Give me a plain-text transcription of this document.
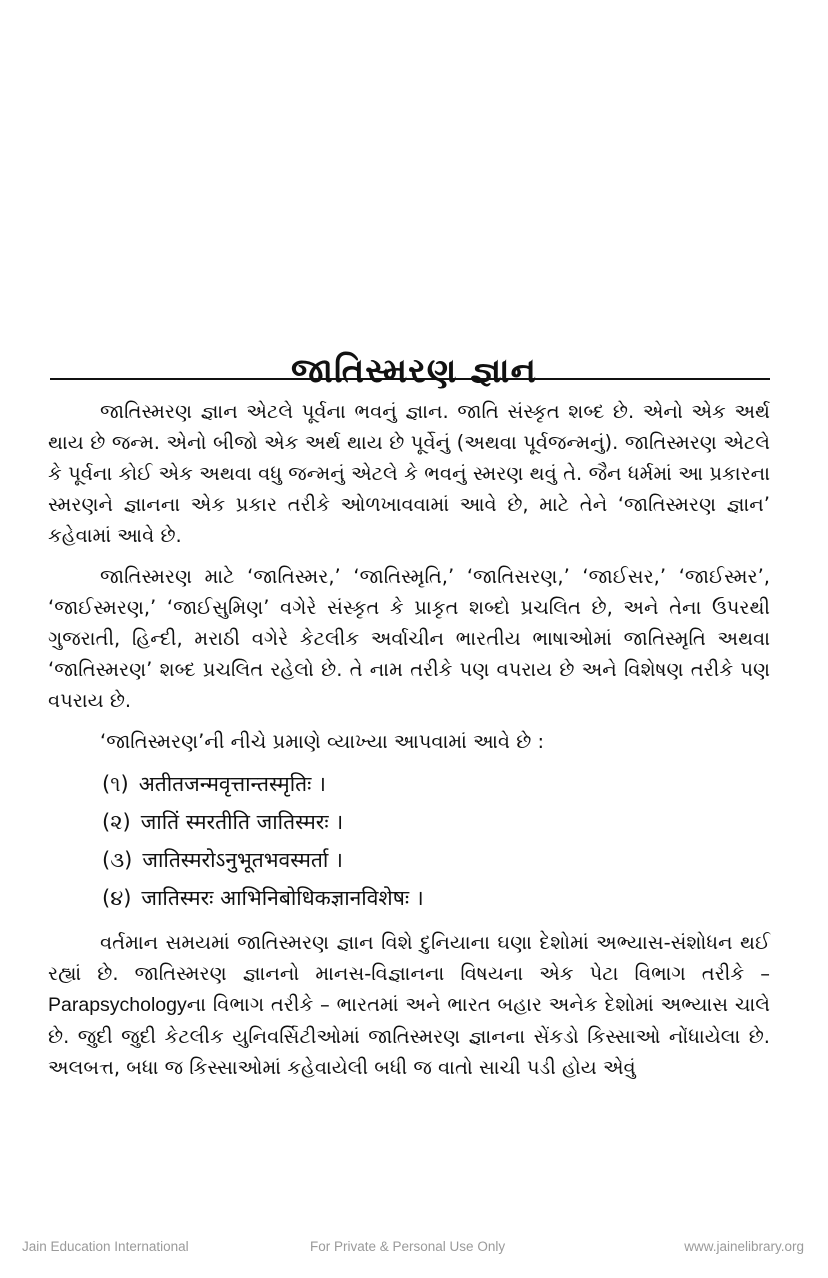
જાતિસ્મરણ જ્ઞાન

જાતિસ્મરણ જ્ઞાન એટલે પૂર્વના ભવનું જ્ઞાન. જાતિ સંસ્કૃત શબ્દ છે. એનો એક અર્થ થાય છે જન્મ. એનો બીજો એક અર્થ થાય છે પૂર્વેનું (અથવા પૂર્વજન્મનું). જાતિસ્મરણ એટલે કે પૂર્વના કોઈ એક અથવા વધુ જન્મનું એટલે કે ભવનું સ્મરણ થવું તે. જૈન ધર્મમાં આ પ્રકારના સ્મરણને જ્ઞાનના એક પ્રકાર તરીકે ઓળખાવવામાં આવે છે, માટે તેને ‘જાતિસ્મરણ જ્ઞાન’ કહેવામાં આવે છે.

જાતિસ્મરણ માટે ‘જાતિસ્મર,’ ‘જાતિસ્મૃતિ,’ ‘જાતિસરણ,’ ‘જાઈસર,’ ‘જાઈસ્મર’, ‘જાઈસ્મરણ,’ ‘જાઈસુમિણ’ વગેરે સંસ્કૃત કે પ્રાકૃત શબ્દો પ્રચલિત છે, અને તેના ઉપરથી ગુજરાતી, હિન્દી, મરાઠી વગેરે કેટલીક અર્વાચીન ભારતીય ભાષાઓમાં જાતિસ્મૃતિ અથવા ‘જાતિસ્મરણ’ શબ્દ પ્રચલિત રહેલો છે. તે નામ તરીકે પણ વપરાય છે અને વિશેષણ તરીકે પણ વપરાય છે.

‘જાતિસ્મરણ’ની નીચે પ્રમાણે વ્યાખ્યા આપવામાં આવે છે :

(૧) अतीतजन्मवृत्तान्तस्मृतिः ।
(૨) जातिं स्मरतीति जातिस्मरः ।
(૩) जातिस्मरोऽनुभूतभवस्मर्ता ।
(૪) जातिस्मरः आभिनिबोधिकज्ञानविशेषः ।

વર્તમાન સમયમાં જાતિસ્મરણ જ્ઞાન વિશે દુનિયાના ઘણા દેશોમાં અભ્યાસ-સંશોધન થઈ રહ્યાં છે. જાતિસ્મરણ જ્ઞાનનો માનસ-વિજ્ઞાનના વિષયના એક પેટા વિભાગ તરીકે – Parapsychologyના વિભાગ તરીકે – ભારતમાં અને ભારત બહાર અનેક દેશોમાં અભ્યાસ ચાલે છે. જુદી જુદી કેટલીક યુનિવર્સિટીઓમાં જાતિસ્મરણ જ્ઞાનના સેંકડો કિસ્સાઓ નોંધાયેલા છે. અલબત્ત, બધા જ કિસ્સાઓમાં કહેવાયેલી બધી જ વાતો સાચી પડી હોય એવું

Jain Education International	For Private & Personal Use Only	www.jainelibrary.org
